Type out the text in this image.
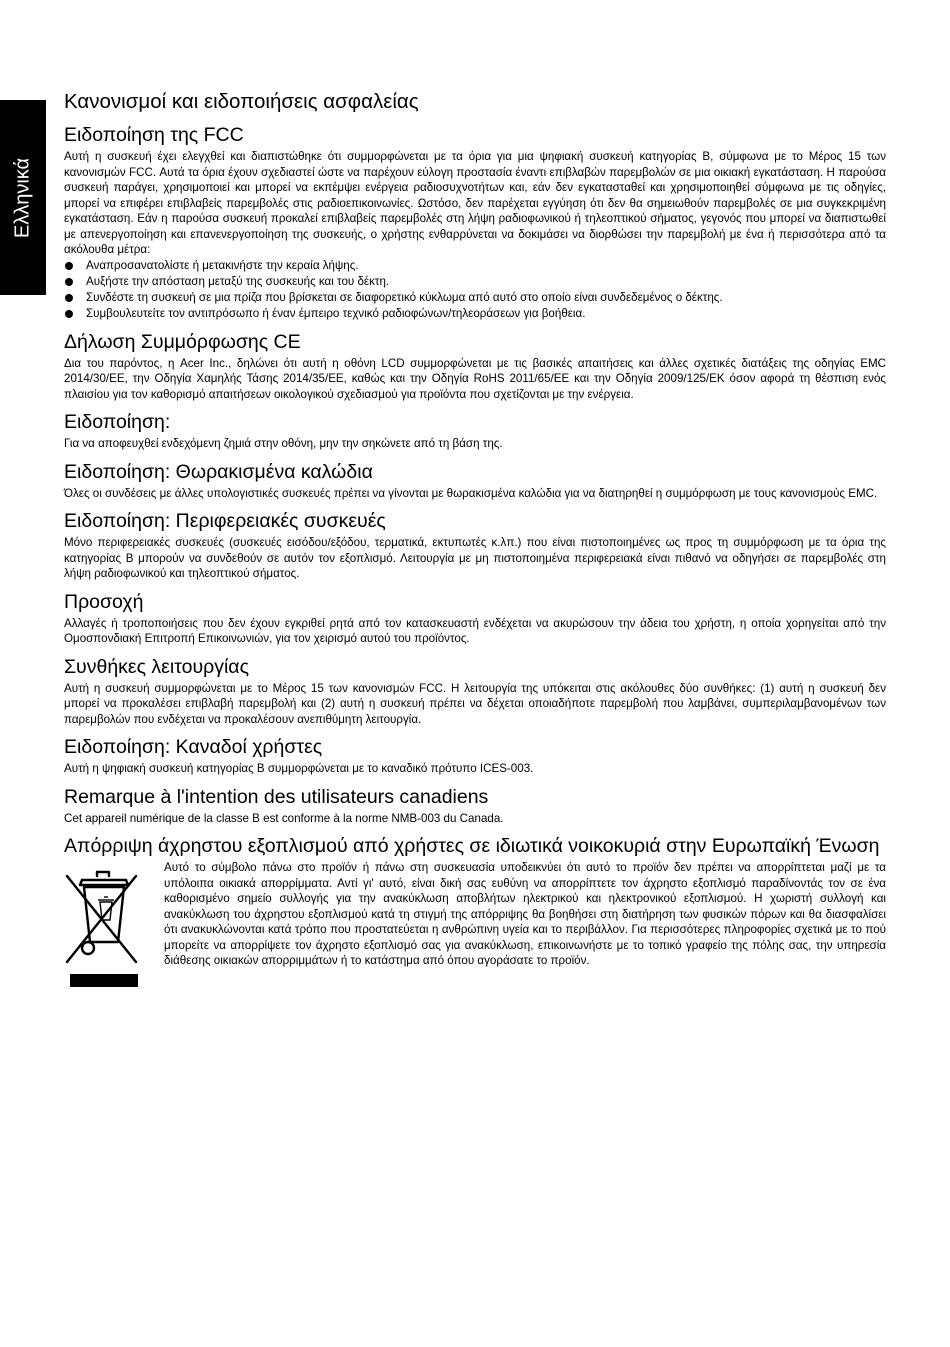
Ελληνικά
Κανονισμοί και ειδοποιήσεις ασφαλείας
Ειδοποίηση της FCC

Αυτή η συσκευή έχει ελεγχθεί και διαπιστώθηκε ότι συμμορφώνεται με τα όρια για μια ψηφιακή συσκευή κατηγορίας B, σύμφωνα με το Μέρος 15 των κανονισμών FCC. Αυτά τα όρια έχουν σχεδιαστεί ώστε να παρέχουν εύλογη προστασία έναντι επιβλαβών παρεμβολών σε μια οικιακή εγκατάσταση. Η παρούσα συσκευή παράγει, χρησιμοποιεί και μπορεί να εκπέμψει ενέργεια ραδιοσυχνοτήτων και, εάν δεν εγκατασταθεί και χρησιμοποιηθεί σύμφωνα με τις οδηγίες, μπορεί να επιφέρει επιβλαβείς παρεμβολές στις ραδιοεπικοινωνίες. Ωστόσο, δεν παρέχεται εγγύηση ότι δεν θα σημειωθούν παρεμβολές σε μια συγκεκριμένη εγκατάσταση. Εάν η παρούσα συσκευή προκαλεί επιβλαβείς παρεμβολές στη λήψη ραδιοφωνικού ή τηλεοπτικού σήματος, γεγονός που μπορεί να διαπιστωθεί με απενεργοποίηση και επανενεργοποίηση της συσκευής, ο χρήστης ενθαρρύνεται να δοκιμάσει να διορθώσει την παρεμβολή με ένα ή περισσότερα από τα ακόλουθα μέτρα:

Αναπροσανατολίστε ή μετακινήστε την κεραία λήψης.
Αυξήστε την απόσταση μεταξύ της συσκευής και του δέκτη.
Συνδέστε τη συσκευή σε μια πρίζα που βρίσκεται σε διαφορετικό κύκλωμα από αυτό στο οποίο είναι συνδεδεμένος ο δέκτης.
Συμβουλευτείτε τον αντιπρόσωπο ή έναν έμπειρο τεχνικό ραδιοφώνων/τηλεοράσεων για βοήθεια.
Δήλωση Συμμόρφωσης CE

Δια του παρόντος, η Acer Inc., δηλώνει ότι αυτή η οθόνη LCD συμμορφώνεται με τις βασικές απαιτήσεις και άλλες σχετικές διατάξεις της οδηγίας EMC 2014/30/EE, την Οδηγία Χαμηλής Τάσης 2014/35/EE, καθώς και την Οδηγία RoHS 2011/65/EE και την Οδηγία 2009/125/EK όσον αφορά τη θέσπιση ενός πλαισίου για τον καθορισμό απαιτήσεων οικολογικού σχεδιασμού για προϊόντα που σχετίζονται με την ενέργεια.

Ειδοποίηση:

Για να αποφευχθεί ενδεχόμενη ζημιά στην οθόνη, μην την σηκώνετε από τη βάση της.

Ειδοποίηση: Θωρακισμένα καλώδια

Όλες οι συνδέσεις με άλλες υπολογιστικές συσκευές πρέπει να γίνονται με θωρακισμένα καλώδια για να διατηρηθεί η συμμόρφωση με τους κανονισμούς EMC.

Ειδοποίηση: Περιφερειακές συσκευές

Μόνο περιφερειακές συσκευές (συσκευές εισόδου/εξόδου, τερματικά, εκτυπωτές κ.λπ.) που είναι πιστοποιημένες ως προς τη συμμόρφωση με τα όρια της κατηγορίας B μπορούν να συνδεθούν σε αυτόν τον εξοπλισμό. Λειτουργία με μη πιστοποιημένα περιφερειακά είναι πιθανό να οδηγήσει σε παρεμβολές στη λήψη ραδιοφωνικού και τηλεοπτικού σήματος.

Προσοχή

Αλλαγές ή τροποποιήσεις που δεν έχουν εγκριθεί ρητά από τον κατασκευαστή ενδέχεται να ακυρώσουν την άδεια του χρήστη, η οποία χορηγείται από την Ομοσπονδιακή Επιτροπή Επικοινωνιών, για τον χειρισμό αυτού του προϊόντος.

Συνθήκες λειτουργίας

Αυτή η συσκευή συμμορφώνεται με το Μέρος 15 των κανονισμών FCC. Η λειτουργία της υπόκειται στις ακόλουθες δύο συνθήκες: (1) αυτή η συσκευή δεν μπορεί να προκαλέσει επιβλαβή παρεμβολή και (2) αυτή η συσκευή πρέπει να δέχεται οποιαδήποτε παρεμβολή που λαμβάνει, συμπεριλαμβανομένων των παρεμβολών που ενδέχεται να προκαλέσουν ανεπιθύμητη λειτουργία.

Ειδοποίηση: Καναδοί χρήστες

Αυτή η ψηφιακή συσκευή κατηγορίας B συμμορφώνεται με το καναδικό πρότυπο ICES-003.

Remarque à l'intention des utilisateurs canadiens

Cet appareil numérique de la classe B est conforme à la norme NMB-003 du Canada.

Απόρριψη άχρηστου εξοπλισμού από χρήστες σε ιδιωτικά νοικοκυριά στην Ευρωπαϊκή Ένωση

Αυτό το σύμβολο πάνω στο προϊόν ή πάνω στη συσκευασία υποδεικνύει ότι αυτό το προϊόν δεν πρέπει να απορρίπτεται μαζί με τα υπόλοιπα οικιακά απορρίμματα. Αντί γι' αυτό, είναι δική σας ευθύνη να απορρίπτετε τον άχρηστο εξοπλισμό παραδίνοντάς τον σε ένα καθορισμένο σημείο συλλογής για την ανακύκλωση αποβλήτων ηλεκτρικού και ηλεκτρονικού εξοπλισμού. Η χωριστή συλλογή και ανακύκλωση του άχρηστου εξοπλισμού κατά τη στιγμή της απόρριψης θα βοηθήσει στη διατήρηση των φυσικών πόρων και θα διασφαλίσει ότι ανακυκλώνονται κατά τρόπο που προστατεύεται η ανθρώπινη υγεία και το περιβάλλον. Για περισσότερες πληροφορίες σχετικά με το πού μπορείτε να απορρίψετε τον άχρηστο εξοπλισμό σας για ανακύκλωση, επικοινωνήστε με το τοπικό γραφείο της πόλης σας, την υπηρεσία διάθεσης οικιακών απορριμμάτων ή το κατάστημα από όπου αγοράσατε το προϊόν.
